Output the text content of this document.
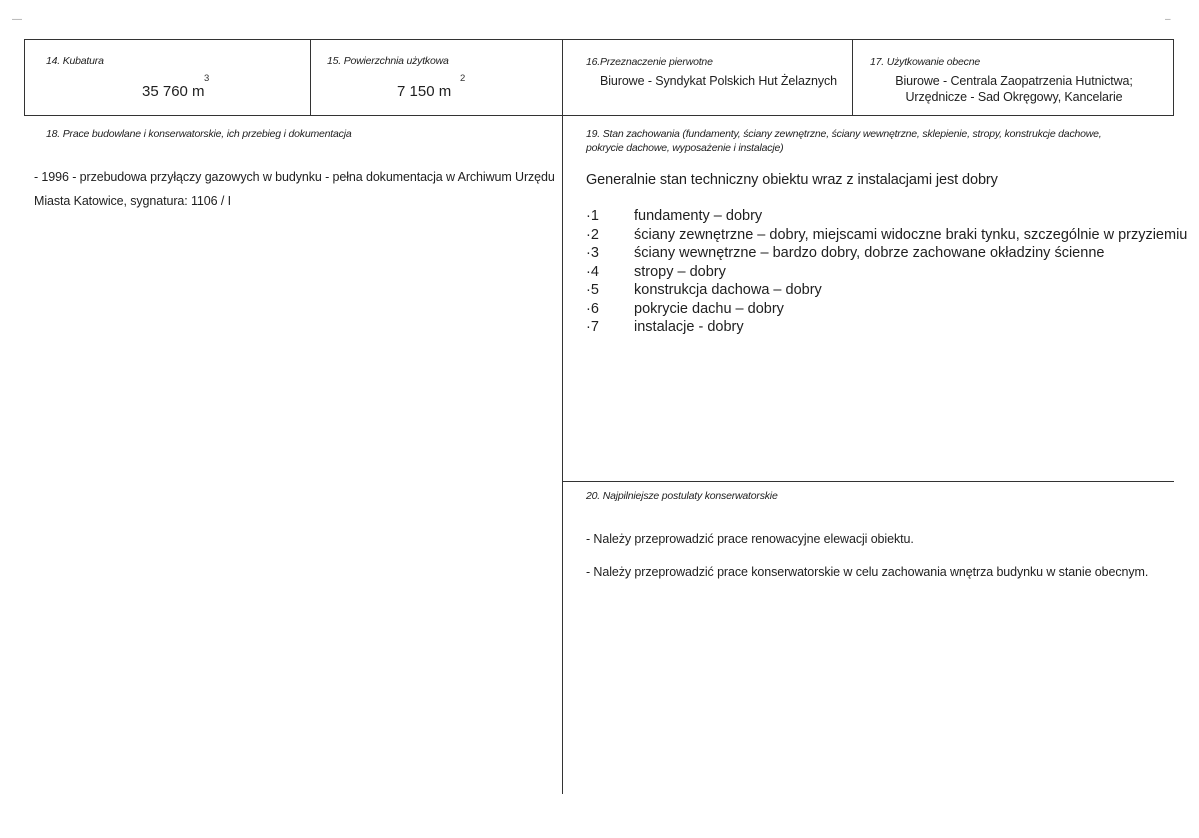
—	–
14. Kubatura
35 760 m
3
15. Powierzchnia użytkowa
7 150 m
2
16.Przeznaczenie pierwotne
Biurowe - Syndykat Polskich Hut Żelaznych
17. Użytkowanie obecne
Biurowe - Centrala Zaopatrzenia Hutnictwa;
Urzędnicze - Sad Okręgowy, Kancelarie
18. Prace budowlane i konserwatorskie, ich przebieg i dokumentacja
- 1996 - przebudowa przyłączy gazowych w budynku - pełna dokumentacja w Archiwum Urzędu
Miasta Katowice, sygnatura: 1106 / I
19. Stan zachowania (fundamenty, ściany zewnętrzne, ściany wewnętrzne, sklepienie, stropy, konstrukcje dachowe,
pokrycie dachowe, wyposażenie i instalacje)
Generalnie stan techniczny obiektu wraz z instalacjami jest dobry
·1	fundamenty – dobry
·2	ściany zewnętrzne – dobry, miejscami widoczne braki tynku, szczególnie w przyziemiu
·3	ściany wewnętrzne – bardzo dobry, dobrze zachowane okładziny ścienne
·4	stropy – dobry
·5	konstrukcja dachowa – dobry
·6	pokrycie dachu – dobry
·7	instalacje - dobry
20. Najpilniejsze postulaty konserwatorskie
- Należy przeprowadzić prace renowacyjne elewacji obiektu.
- Należy przeprowadzić prace konserwatorskie w celu zachowania wnętrza budynku w stanie obecnym.
